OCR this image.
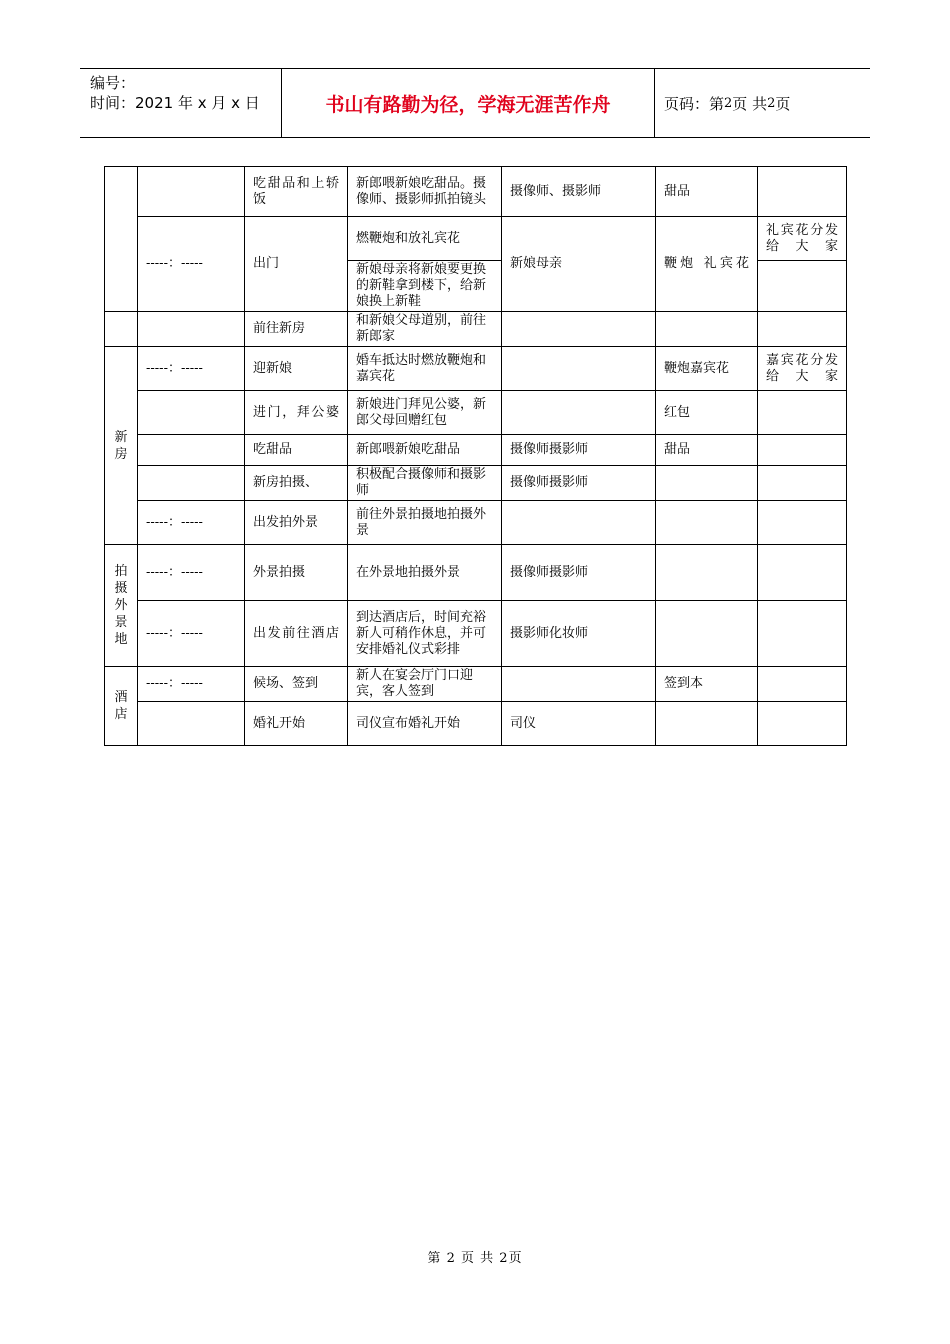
编号：
时间：2021 年 x 月 x 日	书山有路勤为径，学海无涯苦作舟	页码：第 2 页 共 2 页
		吃甜品和上轿饭	新郎喂新娘吃甜品。摄像师、摄影师抓拍镜头	摄像师、摄影师	甜品	
	-----：-----	出门	燃鞭炮和放礼宾花	新娘母亲	鞭炮 礼宾花	礼宾花分发给大家
			新娘母亲将新娘要更换的新鞋拿到楼下，给新娘换上新鞋			
		前往新房	和新娘父母道别，前往新郎家			

新房	-----：-----	迎新娘	婚车抵达时燃放鞭炮和嘉宾花		鞭炮嘉宾花	嘉宾花分发给大家
		进门，拜公婆	新娘进门拜见公婆，新郎父母回赠红包		红包	
		吃甜品	新郎喂新娘吃甜品	摄像师摄影师	甜品	
		新房拍摄、	积极配合摄像师和摄影师	摄像师摄影师		
	-----：-----	出发拍外景	前往外景拍摄地拍摄外景			

拍摄外景地	-----：-----	外景拍摄	在外景地拍摄外景	摄像师摄影师		
	-----：-----	出发前往酒店	到达酒店后，时间充裕新人可稍作休息，并可安排婚礼仪式彩排	摄影师化妆师		

酒店	-----：-----	候场、签到	新人在宴会厅门口迎宾，客人签到		签到本	
		婚礼开始	司仪宣布婚礼开始	司仪		
第 2 页 共 2页
